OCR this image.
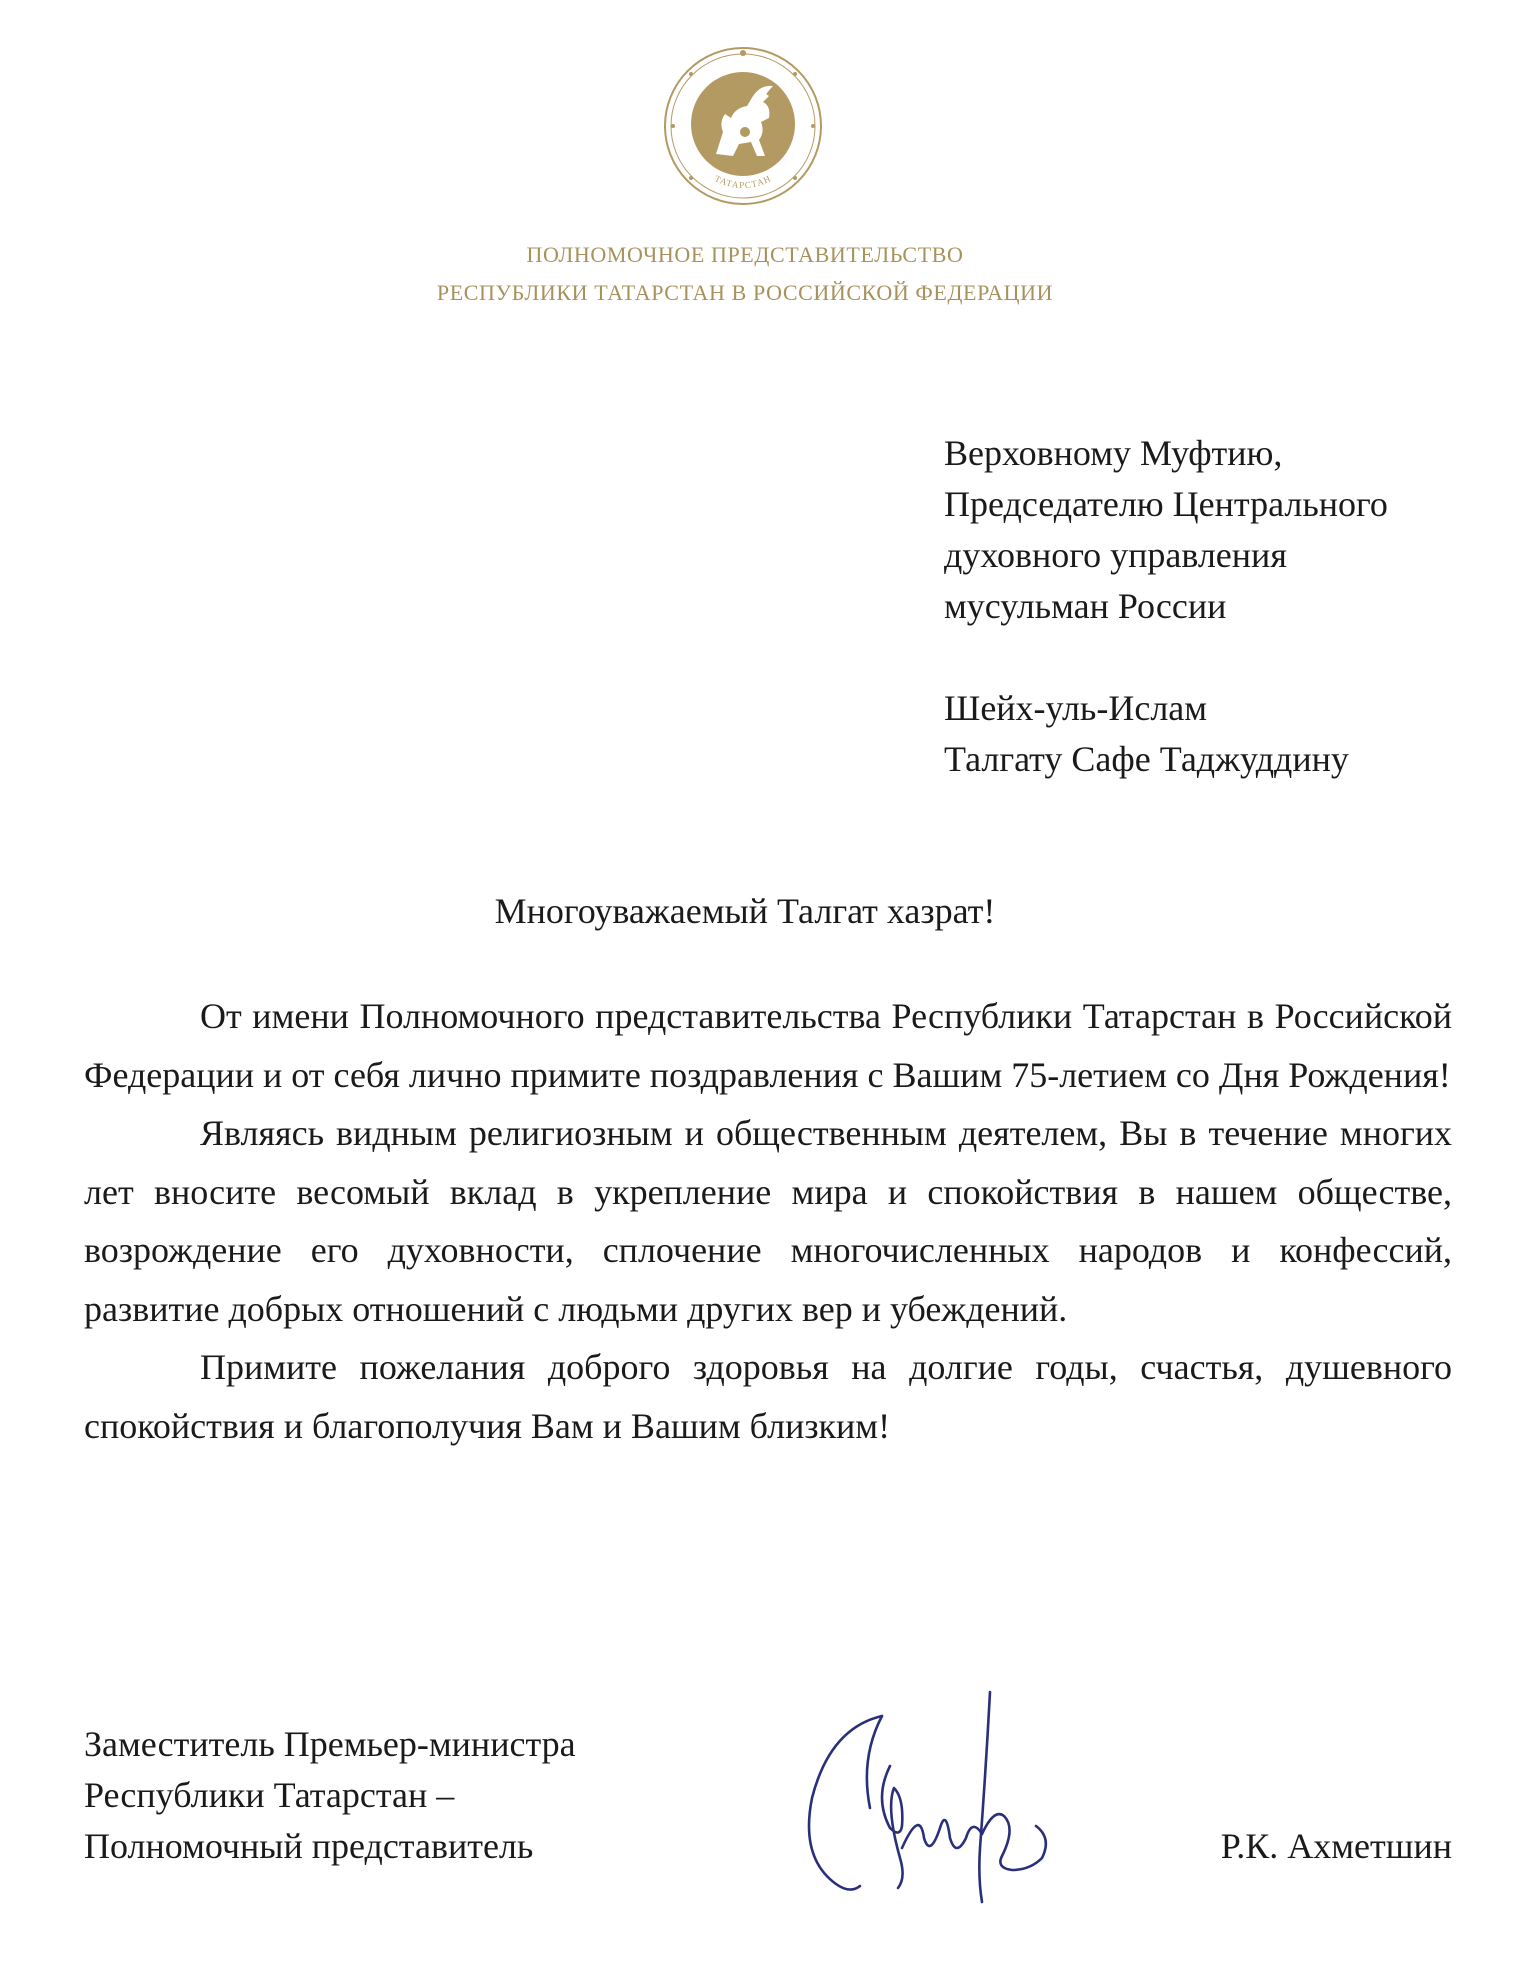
ТАТАРСТАН
ПОЛНОМОЧНОЕ ПРЕДСТАВИТЕЛЬСТВО
РЕСПУБЛИКИ ТАТАРСТАН В РОССИЙСКОЙ ФЕДЕРАЦИИ
Верховному Муфтию,
Председателю Центрального
духовного управления
мусульман России
Шейх-уль-Ислам
Талгату Сафе Таджуддину
Многоуважаемый Талгат хазрат!

От имени Полномочного представительства Республики Татарстан в Российской Федерации и от себя лично примите поздравления с Вашим 75-летием со Дня Рождения!

Являясь видным религиозным и общественным деятелем, Вы в течение многих лет вносите весомый вклад в укрепление мира и спокойствия в нашем обществе, возрождение его духовности, сплочение многочисленных народов и конфессий, развитие добрых отношений с людьми других вер и убеждений.

Примите пожелания доброго здоровья на долгие годы, счастья, душевного спокойствия и благополучия Вам и Вашим близким!

Заместитель Премьер-министра
Республики Татарстан –
Полномочный представитель	Р.К. Ахметшин
